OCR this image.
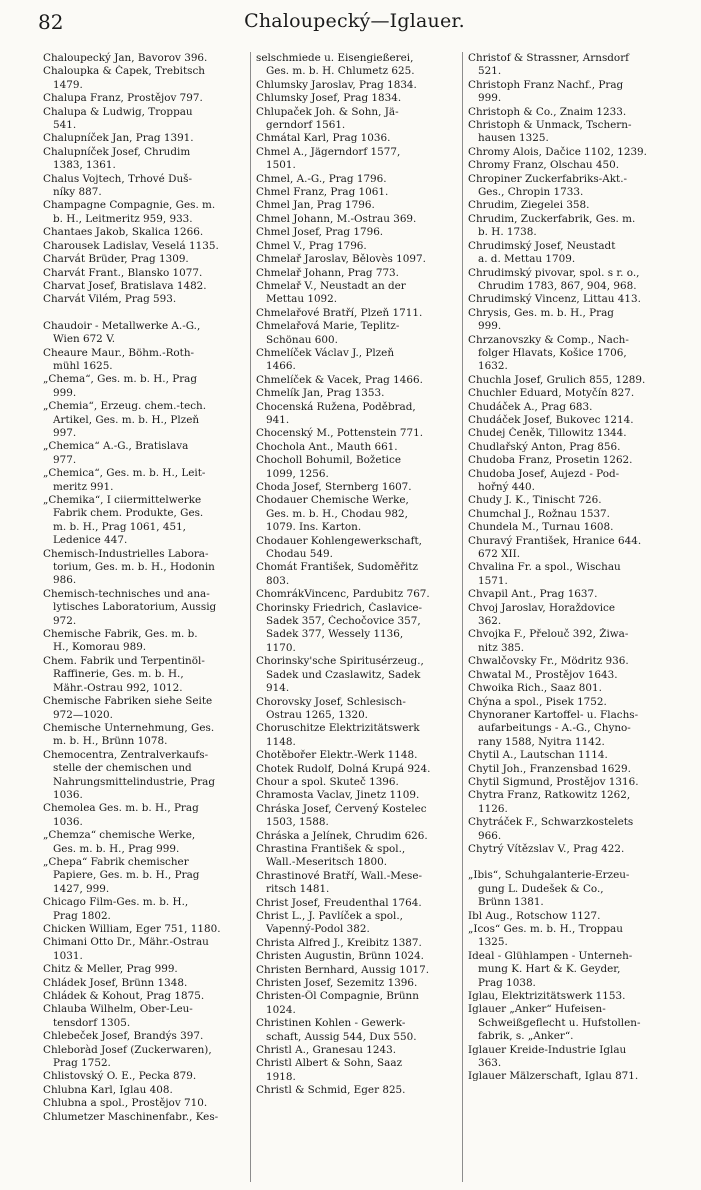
82	Chaloupecký—Iglauer.
Chaloupecký Jan, Bavorov 396.
Chaloupka & Čapek, Trebitsch
1479.
Chalupa Franz, Prostějov 797.
Chalupa & Ludwig, Troppau
541.
Chalupníček Jan, Prag 1391.
Chalupníček Josef, Chrudim
1383, 1361.
Chalus Vojtech, Trhové Duš-
níky 887.
Champagne Compagnie, Ges. m.
b. H., Leitmeritz 959, 933.
Chantaes Jakob, Skalica 1266.
Charousek Ladislav, Veselá 1135.
Charvát Brüder, Prag 1309.
Charvát Frant., Blansko 1077.
Charvat Josef, Bratislava 1482.
Charvát Vilém, Prag 593.
Chaudoir - Metallwerke A.-G.,
Wien 672 V.
Cheaure Maur., Böhm.-Roth-
mühl 1625.
„Chema“, Ges. m. b. H., Prag
999.
„Chemia“, Erzeug. chem.-tech.
Artikel, Ges. m. b. H., Plzeň
997.
„Chemica“ A.-G., Bratislava
977.
„Chemica“, Ges. m. b. H., Leit-
meritz 991.
„Chemika“, I ciiermittelwerke
Fabrik chem. Produkte, Ges.
m. b. H., Prag 1061, 451,
Ledenice 447.
Chemisch-Industrielles Labora-
torium, Ges. m. b. H., Hodonin
986.
Chemisch-technisches und ana-
lytisches Laboratorium, Aussig
972.
Chemische Fabrik, Ges. m. b.
H., Komorau 989.
Chem. Fabrik und Terpentinöl-
Raffinerie, Ges. m. b. H.,
Mähr.-Ostrau 992, 1012.
Chemische Fabriken siehe Seite
972—1020.
Chemische Unternehmung, Ges.
m. b. H., Brünn 1078.
Chemocentra, Zentralverkaufs-
stelle der chemischen und
Nahrungsmittelindustrie, Prag
1036.
Chemolea Ges. m. b. H., Prag
1036.
„Chemza“ chemische Werke,
Ges. m. b. H., Prag 999.
„Chepa“ Fabrik chemischer
Papiere, Ges. m. b. H., Prag
1427, 999.
Chicago Film-Ges. m. b. H.,
Prag 1802.
Chicken William, Eger 751, 1180.
Chimani Otto Dr., Mähr.-Ostrau
1031.
Chitz & Meller, Prag 999.
Chládek Josef, Brünn 1348.
Chládek & Kohout, Prag 1875.
Chlauba Wilhelm, Ober-Leu-
tensdorf 1305.
Chlebeček Josef, Brandýs 397.
Chleboràd Josef (Zuckerwaren),
Prag 1752.
Chlistovský O. E., Pecka 879.
Chlubna Karl, Iglau 408.
Chlubna a spol., Prostějov 710.
Chlumetzer Maschinenfabr., Kes-
selschmiede u. Eisengießerei,
Ges. m. b. H. Chlumetz 625.
Chlumsky Jaroslav, Prag 1834.
Chlumsky Josef, Prag 1834.
Chlupaček Joh. & Sohn, Jä-
gerndorf 1561.
Chmátal Karl, Prag 1036.
Chmel A., Jägerndorf 1577,
1501.
Chmel, A.-G., Prag 1796.
Chmel Franz, Prag 1061.
Chmel Jan, Prag 1796.
Chmel Johann, M.-Ostrau 369.
Chmel Josef, Prag 1796.
Chmel V., Prag 1796.
Chmelař Jaroslav, Bělovès 1097.
Chmelař Johann, Prag 773.
Chmelař V., Neustadt an der
Mettau 1092.
Chmelařové Bratří, Plzeň 1711.
Chmelařová Marie, Teplitz-
Schönau 600.
Chmelíček Václav J., Plzeň
1466.
Chmelíček & Vacek, Prag 1466.
Chmelík Jan, Prag 1353.
Chocenská Ružena, Poděbrad,
941.
Chocenský M., Pottenstein 771.
Chochola Ant., Mauth 661.
Chocholl Bohumil, Božetice
1099, 1256.
Choda Josef, Sternberg 1607.
Chodauer Chemische Werke,
Ges. m. b. H., Chodau 982,
1079. Ins. Karton.
Chodauer Kohlengewerkschaft,
Chodau 549.
Chomát František, Sudoměřitz
803.
ChomrákVincenc, Pardubitz 767.
Chorinsky Friedrich, Časlavice-
Sadek 357, Čechočovice 357,
Sadek 377, Wessely 1136,
1170.
Chorinsky'sche Spiritusérzeug.,
Sadek und Czaslawitz, Sadek
914.
Chorovsky Josef, Schlesisch-
Ostrau 1265, 1320.
Choruschitze Elektrizitätswerk
1148.
Chotěbořer Elektr.-Werk 1148.
Chotek Rudolf, Dolná Krupá 924.
Chour a spol. Skuteč 1396.
Chramosta Vaclav, Jinetz 1109.
Chráska Josef, Červený Kostelec
1503, 1588.
Chráska a Jelínek, Chrudim 626.
Chrastina František & spol.,
Wall.-Meseritsch 1800.
Chrastinové Bratří, Wall.-Mese-
ritsch 1481.
Christ Josef, Freudenthal 1764.
Christ L., J. Pavlíček a spol.,
Vapenný-Podol 382.
Christa Alfred J., Kreibitz 1387.
Christen Augustin, Brünn 1024.
Christen Bernhard, Aussig 1017.
Christen Josef, Sezemitz 1396.
Christen-Öl Compagnie, Brünn
1024.
Christinen Kohlen - Gewerk-
schaft, Aussig 544, Dux 550.
Christl A., Granesau 1243.
Christl Albert & Sohn, Saaz
1918.
Christl & Schmid, Eger 825.
Christof & Strassner, Arnsdorf
521.
Christoph Franz Nachf., Prag
999.
Christoph & Co., Znaim 1233.
Christoph & Unmack, Tschern-
hausen 1325.
Chromy Alois, Dačice 1102, 1239.
Chromy Franz, Olschau 450.
Chropiner Zuckerfabriks-Akt.-
Ges., Chropin 1733.
Chrudim, Ziegelei 358.
Chrudim, Zuckerfabrik, Ges. m.
b. H. 1738.
Chrudimský Josef, Neustadt
a. d. Mettau 1709.
Chrudimský pivovar, spol. s r. o.,
Chrudim 1783, 867, 904, 968.
Chrudimský Vincenz, Littau 413.
Chrysis, Ges. m. b. H., Prag
999.
Chrzanovszky & Comp., Nach-
folger Hlavats, Košice 1706,
1632.
Chuchla Josef, Grulich 855, 1289.
Chuchler Eduard, Motyčín 827.
Chudáček A., Prag 683.
Chudáček Josef, Bukovec 1214.
Chudej Čeněk, Tillowitz 1344.
Chudlařský Anton, Prag 856.
Chudoba Franz, Prosetin 1262.
Chudoba Josef, Aujezd - Pod-
hořný 440.
Chudy J. K., Tinischt 726.
Chumchal J., Rožnau 1537.
Chundela M., Turnau 1608.
Churavý František, Hranice 644.
672 XII.
Chvalina Fr. a spol., Wischau
1571.
Chvapil Ant., Prag 1637.
Chvoj Jaroslav, Horaždovice
362.
Chvojka F., Přelouč 392, Žiwa-
nitz 385.
Chwalčovsky Fr., Mödritz 936.
Chwatal M., Prostějov 1643.
Chwoika Rich., Saaz 801.
Chýna a spol., Pisek 1752.
Chynoraner Kartoffel- u. Flachs-
aufarbeitungs - A.-G., Chyno-
rany 1588, Nyitra 1142.
Chytil A., Lautschan 1114.
Chytil Joh., Franzensbad 1629.
Chytil Sigmund, Prostějov 1316.
Chytra Franz, Ratkowitz 1262,
1126.
Chytráček F., Schwarzkostelets
966.
Chytrý Vítězslav V., Prag 422.
„Ibis“, Schuhgalanterie-Erzeu-
gung L. Dudešek & Co.,
Brünn 1381.
Ibl Aug., Rotschow 1127.
„Icos“ Ges. m. b. H., Troppau
1325.
Ideal - Glühlampen - Unterneh-
mung K. Hart & K. Geyder,
Prag 1038.
Iglau, Elektrizitätswerk 1153.
Iglauer „Anker“ Hufeisen-
Schweißgeflecht u. Hufstollen-
fabrik, s. „Anker“.
Iglauer Kreide-Industrie Iglau
363.
Iglauer Mälzerschaft, Iglau 871.
